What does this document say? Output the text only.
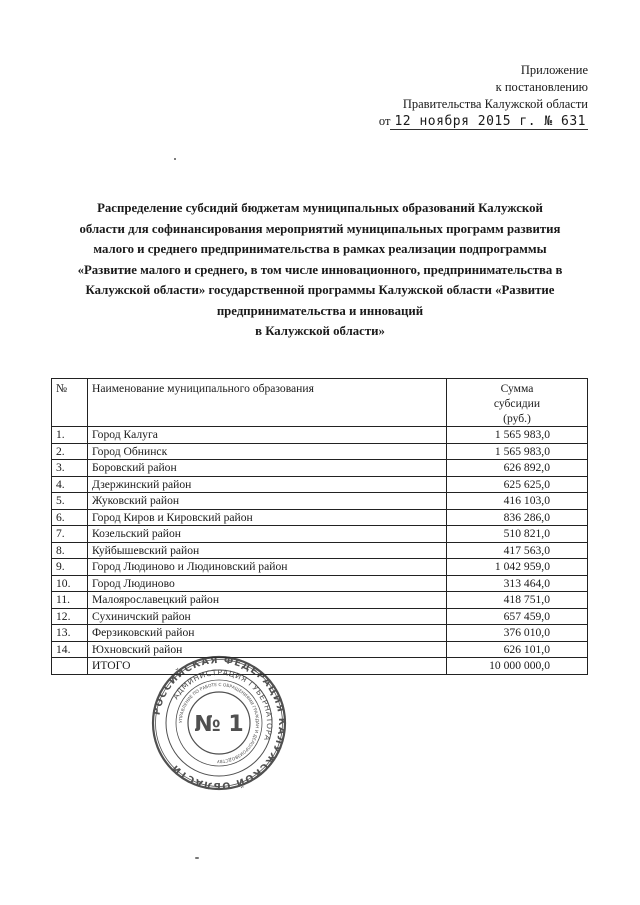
Приложение
к постановлению
Правительства Калужской области
от 12 ноября 2015 г. № 631
Распределение субсидий бюджетам муниципальных образований Калужской
области для софинансирования мероприятий муниципальных программ развития
малого и среднего предпринимательства в рамках реализации подпрограммы
«Развитие малого и среднего, в том числе инновационного, предпринимательства в
Калужской области» государственной программы Калужской области «Развитие
предпринимательства и инноваций
в Калужской области»
№	Наименование муниципального образования	Сумма
субсидии
(руб.)

1.	Город Калуга	1 565 983,0
2.	Город Обнинск	1 565 983,0
3.	Боровский район	626 892,0
4.	Дзержинский район	625 625,0
5.	Жуковский район	416 103,0
6.	Город Киров и Кировский район	836 286,0
7.	Козельский район	510 821,0
8.	Куйбышевский район	417 563,0
9.	Город Людиново и Людиновский район	1 042 959,0
10.	Город Людиново	313 464,0
11.	Малоярославецкий район	418 751,0
12.	Сухиничский район	657 459,0
13.	Ферзиковский район	376 010,0
14.	Юхновский район	626 101,0
	ИТОГО	10 000 000,0
РОССИЙСКАЯ ФЕДЕРАЦИЯ КАЛУЖСКОЙ ОБЛАСТИ
АДМИНИСТРАЦИЯ ГУБЕРНАТОРА
УПРАВЛЕНИЕ ПО РАБОТЕ С ОБРАЩЕНИЯМИ ГРАЖДАН И ДЕЛОПРОИЗВОДСТВУ
№ 1
